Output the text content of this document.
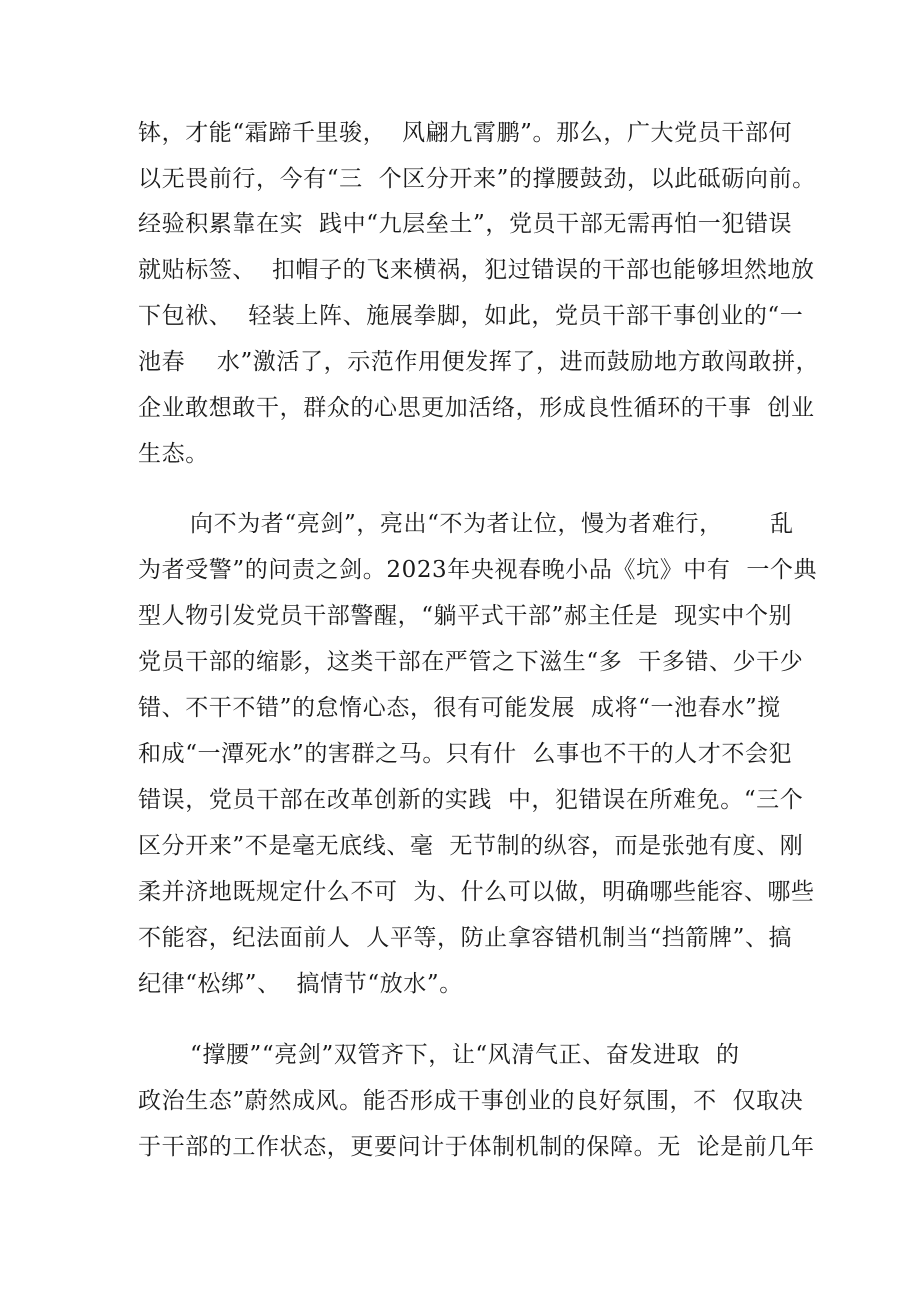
钵，才能“霜蹄千里骏，  风翩九霄鹏”。那么，广大党员干部何
以无畏前行，今有“三  个区分开来”的撑腰鼓劲，以此砥砺向前。
经验积累靠在实  践中“九层垒土”，党员干部无需再怕一犯错误
就贴标签、  扣帽子的飞来横祸，犯过错误的干部也能够坦然地放
下包袱、  轻装上阵、施展拳脚，如此，党员干部干事创业的“一
池春    水”激活了，示范作用便发挥了，进而鼓励地方敢闯敢拼，
企业敢想敢干，群众的心思更加活络，形成良性循环的干事  创业
生态。
向不为者“亮剑”，亮出“不为者让位，慢为者难行，      乱
为者受警”的问责之剑。2023年央视春晚小品《坑》中有  一个典
型人物引发党员干部警醒，“躺平式干部”郝主任是  现实中个别
党员干部的缩影，这类干部在严管之下滋生“多  干多错、少干少
错、不干不错”的怠惰心态，很有可能发展  成将“一池春水”搅
和成“一潭死水”的害群之马。只有什  么事也不干的人才不会犯
错误，党员干部在改革创新的实践  中，犯错误在所难免。“三个
区分开来”不是毫无底线、毫  无节制的纵容，而是张弛有度、刚
柔并济地既规定什么不可  为、什么可以做，明确哪些能容、哪些
不能容，纪法面前人  人平等，防止拿容错机制当“挡箭牌”、搞
纪律“松绑”、  搞情节“放水”。
“撑腰”“亮剑”双管齐下，让“风清气正、奋发进取  的
政治生态”蔚然成风。能否形成干事创业的良好氛围，不  仅取决
于干部的工作状态，更要问计于体制机制的保障。无  论是前几年
